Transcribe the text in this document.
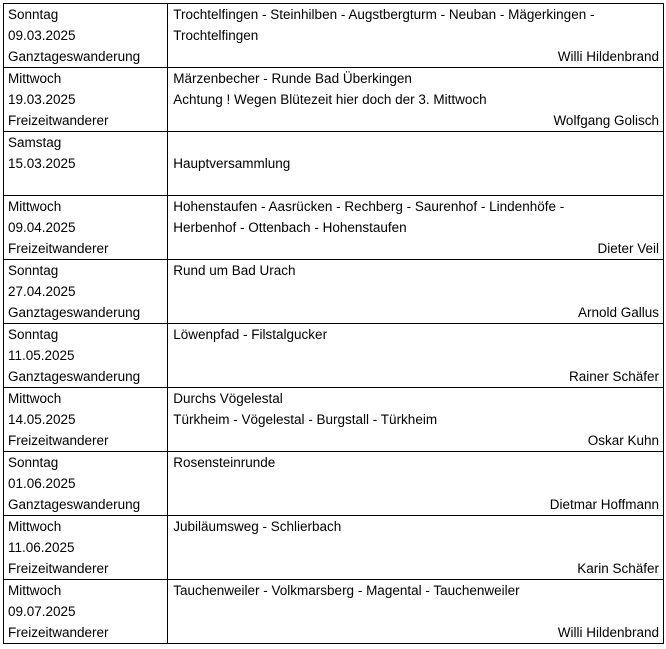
Sonntag
09.03.2025
Ganztageswanderung	Trochtelfingen - Steinhilben - Augstbergturm - Neuban - Mägerkingen -
Trochtelfingen
Willi Hildenbrand

Mittwoch
19.03.2025
Freizeitwanderer	Märzenbecher - Runde Bad Überkingen
Achtung ! Wegen Blütezeit hier doch der 3. Mittwoch
Wolfgang Golisch

Samstag
15.03.2025	Hauptversammlung

Mittwoch
09.04.2025
Freizeitwanderer	Hohenstaufen - Aasrücken - Rechberg - Saurenhof - Lindenhöfe -
Herbenhof - Ottenbach - Hohenstaufen
Dieter Veil

Sonntag
27.04.2025
Ganztageswanderung	Rund um Bad Urach
Arnold Gallus

Sonntag
11.05.2025
Ganztageswanderung	Löwenpfad - Filstalgucker
Rainer Schäfer

Mittwoch
14.05.2025
Freizeitwanderer	Durchs Vögelestal
Türkheim - Vögelestal - Burgstall - Türkheim
Oskar Kuhn

Sonntag
01.06.2025
Ganztageswanderung	Rosensteinrunde
Dietmar Hoffmann

Mittwoch
11.06.2025
Freizeitwanderer	Jubiläumsweg - Schlierbach
Karin Schäfer

Mittwoch
09.07.2025
Freizeitwanderer	Tauchenweiler - Volkmarsberg - Magental - Tauchenweiler
Willi Hildenbrand
